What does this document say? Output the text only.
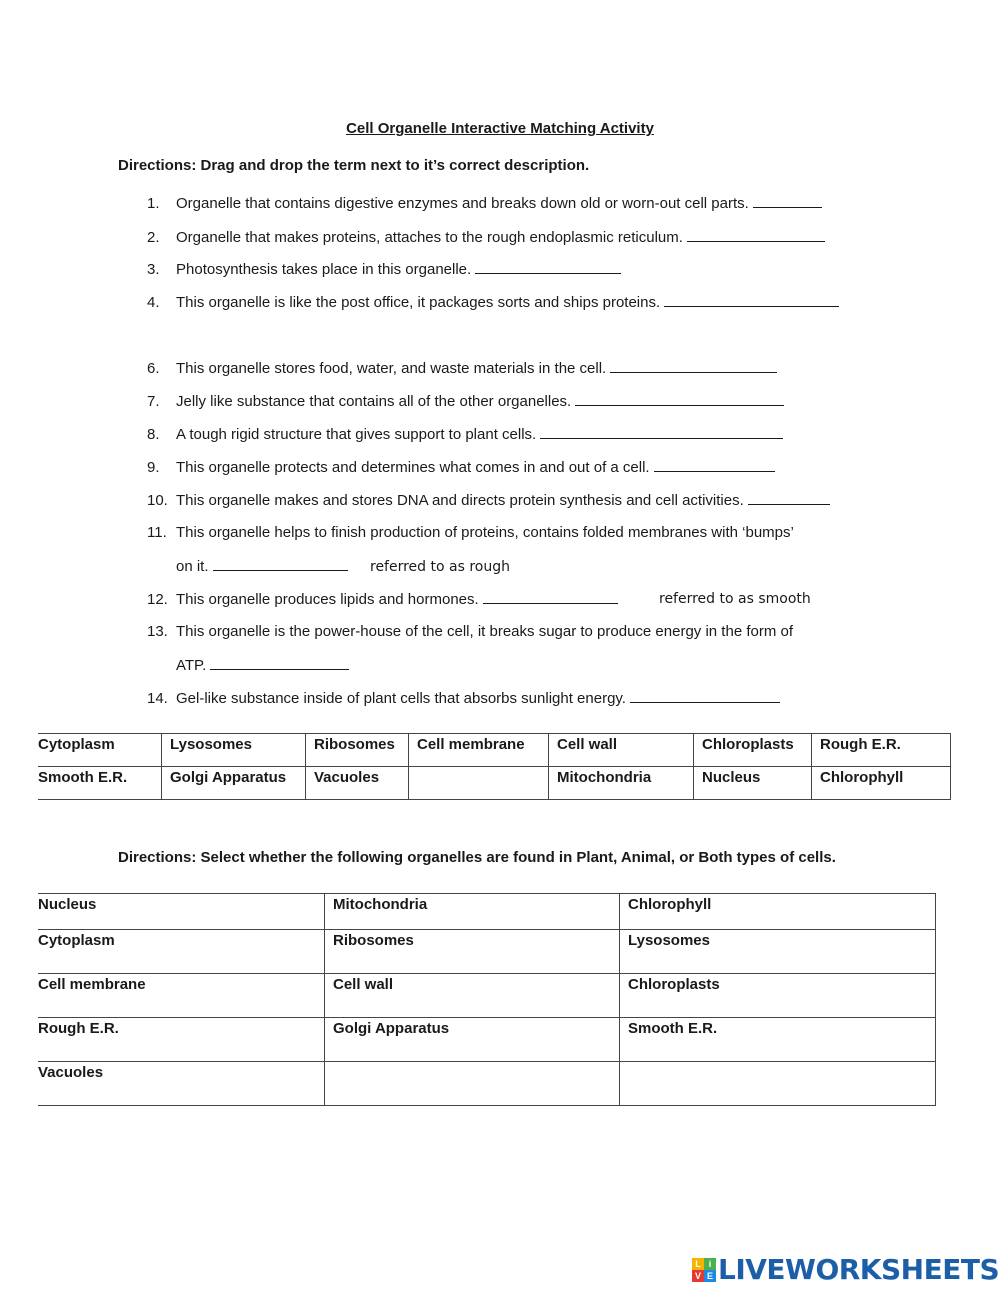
Cell Organelle Interactive Matching Activity
Directions: Drag and drop the term next to it’s correct description.
1. Organelle that contains digestive enzymes and breaks down old or worn-out cell parts.
2. Organelle that makes proteins, attaches to the rough endoplasmic reticulum.
3. Photosynthesis takes place in this organelle.
4. This organelle is like the post office, it packages sorts and ships proteins.
6. This organelle stores food, water, and waste materials in the cell.
7. Jelly like substance that contains all of the other organelles.
8. A tough rigid structure that gives support to plant cells.
9. This organelle protects and determines what comes in and out of a cell.
10. This organelle makes and stores DNA and directs protein synthesis and cell activities.
11. This organelle helps to finish production of proteins, contains folded membranes with ‘bumps’
on it.	referred to as rough
12. This organelle produces lipids and hormones.	referred to as smooth
13. This organelle is the power-house of the cell, it breaks sugar to produce energy in the form of
ATP.
14. Gel-like substance inside of plant cells that absorbs sunlight energy.
Cytoplasm	Lysosomes	Ribosomes	Cell membrane	Cell wall	Chloroplasts	Rough E.R.
Smooth E.R.	Golgi Apparatus	Vacuoles		Mitochondria	Nucleus	Chlorophyll
Directions: Select whether the following organelles are found in Plant, Animal, or Both types of cells.
Nucleus	Mitochondria	Chlorophyll
Cytoplasm	Ribosomes	Lysosomes
Cell membrane	Cell wall	Chloroplasts
Rough E.R.	Golgi Apparatus	Smooth E.R.
Vacuoles		
L i
V E LIVEWORKSHEETS
